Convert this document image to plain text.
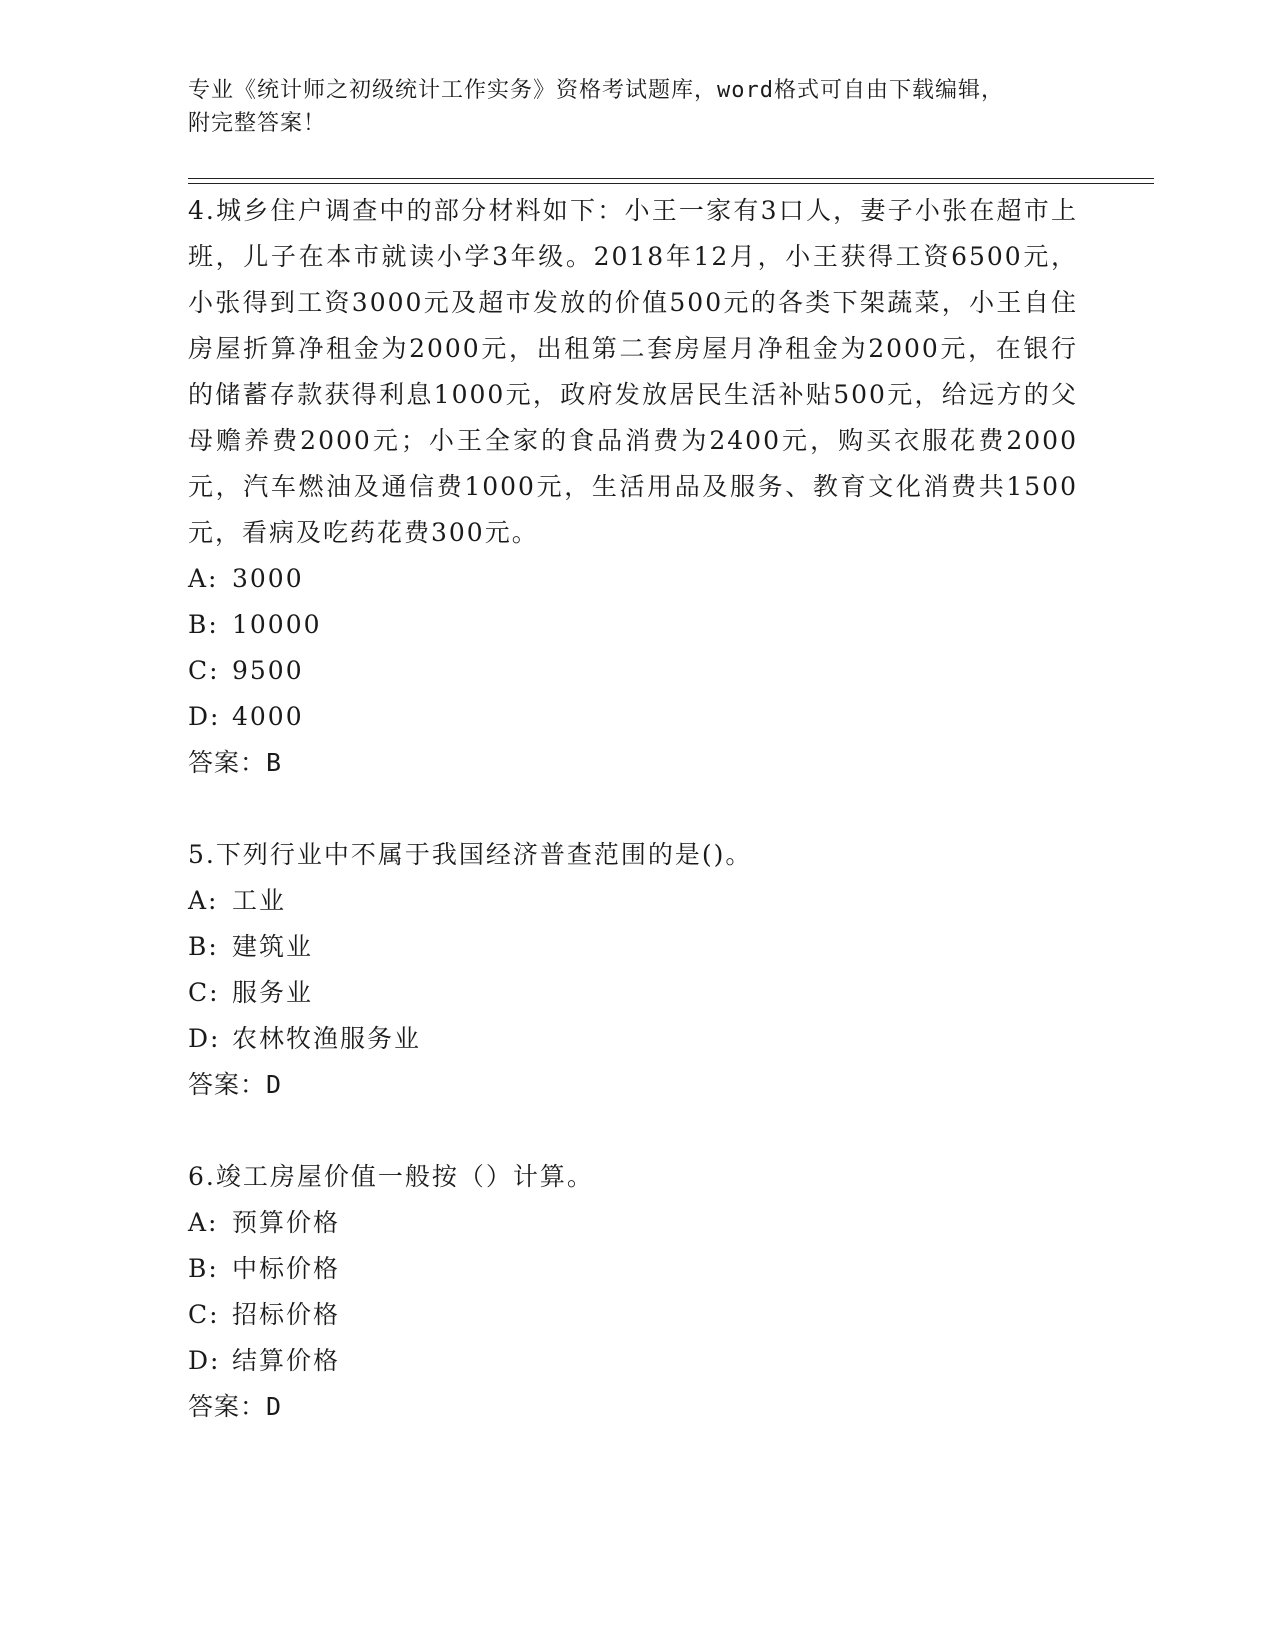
专业《统计师之初级统计工作实务》资格考试题库，word格式可自由下载编辑，
附完整答案！

4.城乡住户调查中的部分材料如下：小王一家有3口人，妻子小张在超市上班，儿子在本市就读小学3年级。2018年12月，小王获得工资6500元，小张得到工资3000元及超市发放的价值500元的各类下架蔬菜，小王自住房屋折算净租金为2000元，出租第二套房屋月净租金为2000元，在银行的储蓄存款获得利息1000元，政府发放居民生活补贴500元，给远方的父母赡养费2000元；小王全家的食品消费为2400元，购买衣服花费2000元，汽车燃油及通信费1000元，生活用品及服务、教育文化消费共1500元，看病及吃药花费300元。

A: 3000
B: 10000
C: 9500
D: 4000

答案：B

5.下列行业中不属于我国经济普查范围的是()。

A: 工业
B: 建筑业
C: 服务业
D: 农林牧渔服务业

答案：D

6.竣工房屋价值一般按（）计算。

A: 预算价格
B: 中标价格
C: 招标价格
D: 结算价格

答案：D
